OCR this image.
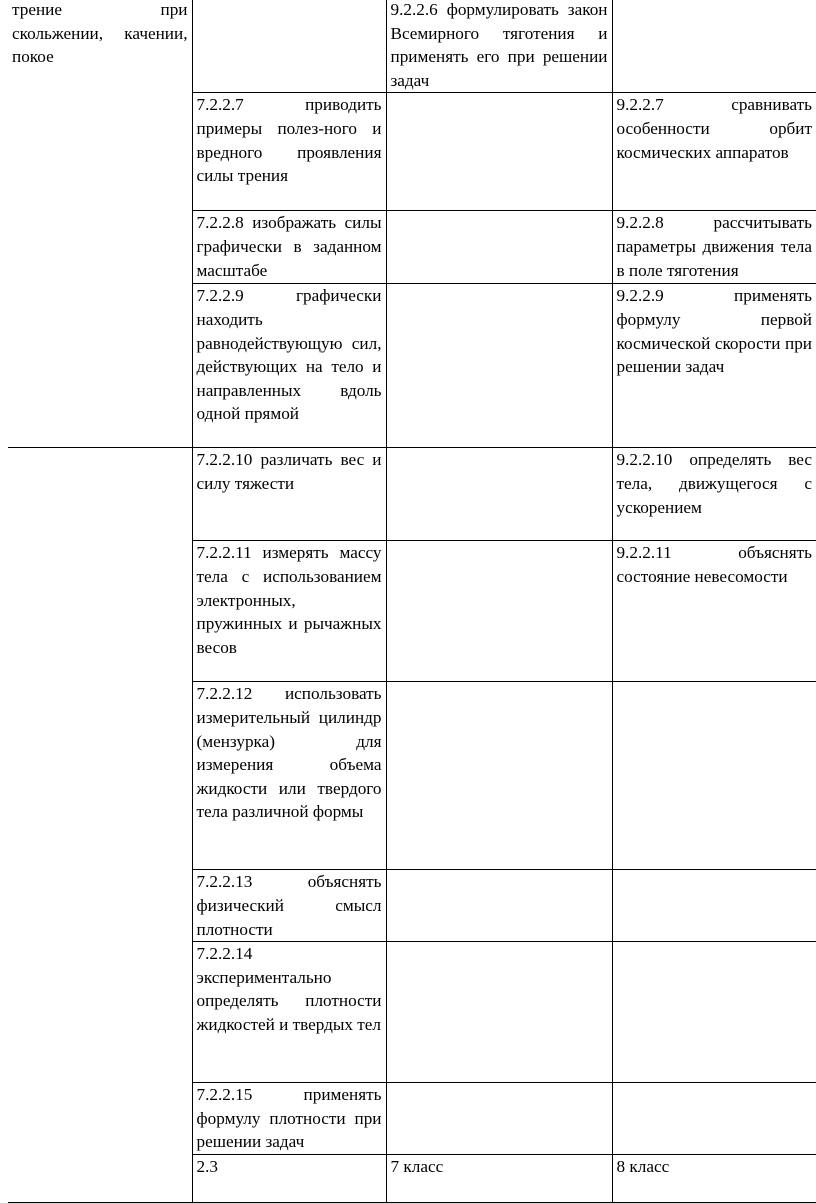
трение при скольжении, качении, покое		9.2.2.6 формулировать закон Всемирного тяготения и применять его при решении задач		

	7.2.2.7 приводить примеры полез-ного и вредного проявления силы трения		9.2.2.7 сравнивать особенности орбит космических аппаратов	

	7.2.2.8 изображать силы графически в заданном масштабе		9.2.2.8 рассчитывать параметры движения тела в поле тяготения	

	7.2.2.9 графически находить равнодействующую сил, действующих на тело и направленных вдоль одной прямой		9.2.2.9 применять формулу первой космической скорости при решении задач	

	7.2.2.10 различать вес и силу тяжести		9.2.2.10 определять вес тела, движущегося с ускорением	

	7.2.2.11 измерять массу тела с использованием электронных, пружинных и рычажных весов		9.2.2.11 объяснять состояние невесомости	

	7.2.2.12 использовать измерительный цилиндр (мензурка) для измерения объема жидкости или твердого тела различной формы			

	7.2.2.13 объяснять физический смысл плотности			

	7.2.2.14 экспериментально определять плотности жидкостей и твердых тел			

	7.2.2.15 применять формулу плотности при решении задач			

	2.3	7 класс	8 класс
